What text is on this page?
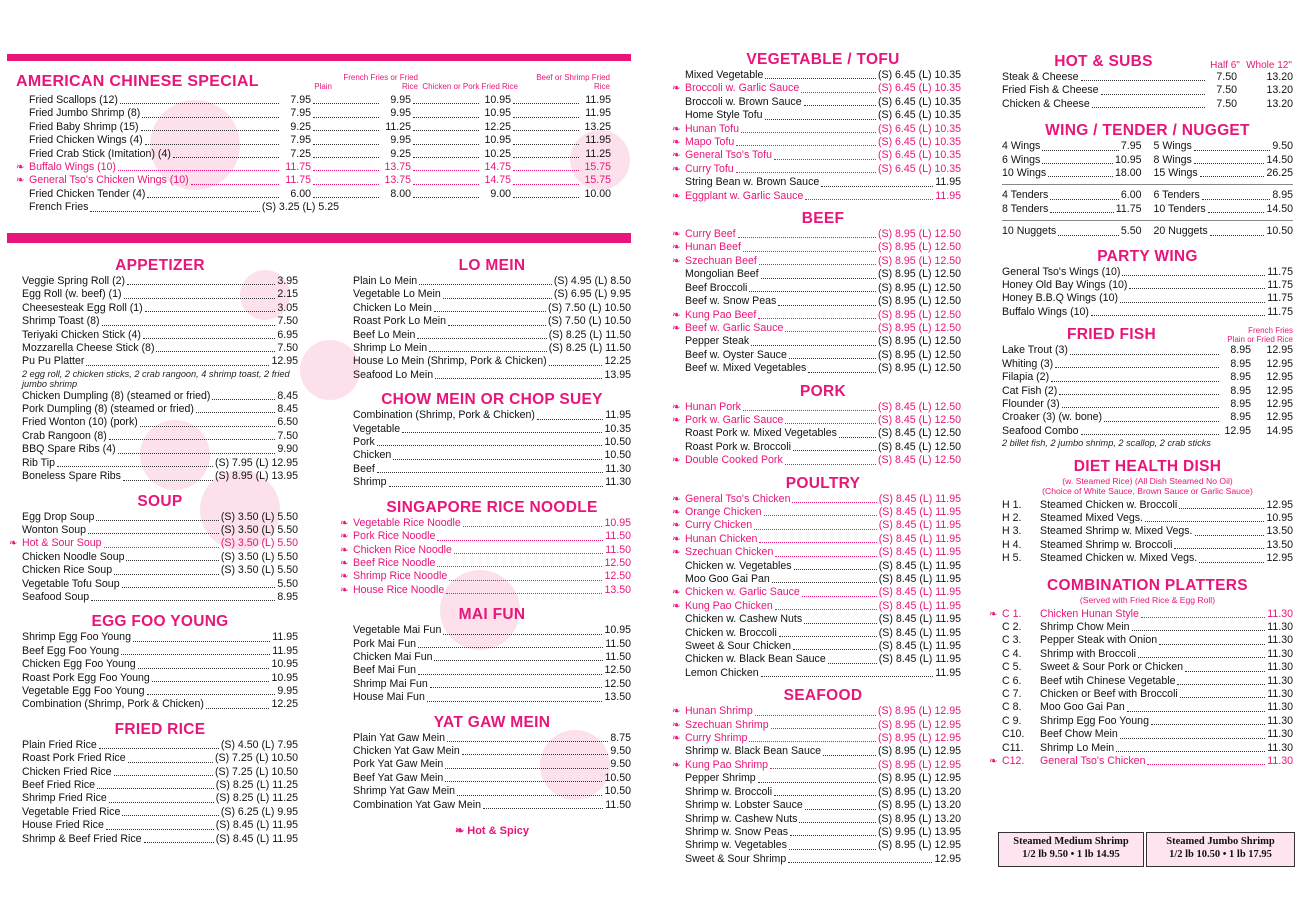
AMERICAN CHINESE SPECIAL	Plain
French Fries or Fried Rice Chicken or Pork Fried Rice
Beef or Shrimp Fried Rice
Fried Scallops (12)	7.95	9.95	10.95	11.95
Fried Jumbo Shrimp (8)	7.95	9.95	10.95	11.95
Fried Baby Shrimp (15)	9.25	11.25	12.25	13.25
Fried Chicken Wings (4)	7.95	9.95	10.95	11.95
Fried Crab Stick (Imitation) (4)	7.25	9.25	10.25	11.25
❧ Buffalo Wings (10)	11.75	13.75	14.75	15.75
❧ General Tso's Chicken Wings (10)	11.75	13.75	14.75	15.75
Fried Chicken Tender (4)	6.00	8.00	9.00	10.00
French Fries	(S) 3.25 (L) 5.25
APPETIZER
Veggie Spring Roll (2)	3.95
Egg Roll (w. beef) (1)	2.15
Cheesesteak Egg Roll (1)	3.05
Shrimp Toast (8)	7.50
Teriyaki Chicken Stick (4)	6.95
Mozzarella Cheese Stick (8)	7.50
Pu Pu Platter	12.95
2 egg roll, 2 chicken sticks, 2 crab rangoon, 4 shrimp toast, 2 fried jumbo shrimp
Chicken Dumpling (8) (steamed or fried)	8.45
Pork Dumpling (8) (steamed or fried)	8.45
Fried Wonton (10) (pork)	6.50
Crab Rangoon (8)	7.50
BBQ Spare Ribs (4)	9.90
Rib Tip	(S) 7.95 (L) 12.95
Boneless Spare Ribs	(S) 8.95 (L) 13.95
SOUP
Egg Drop Soup	(S) 3.50 (L) 5.50
Wonton Soup	(S) 3.50 (L) 5.50
❧ Hot & Sour Soup	(S) 3.50 (L) 5.50
Chicken Noodle Soup	(S) 3.50 (L) 5.50
Chicken Rice Soup	(S) 3.50 (L) 5.50
Vegetable Tofu Soup	5.50
Seafood Soup	8.95
EGG FOO YOUNG
Shrimp Egg Foo Young	11.95
Beef Egg Foo Young	11.95
Chicken Egg Foo Young	10.95
Roast Pork Egg Foo Young	10.95
Vegetable Egg Foo Young	9.95
Combination (Shrimp, Pork & Chicken)	12.25
FRIED RICE
Plain Fried Rice	(S) 4.50 (L) 7.95
Roast Pork Fried Rice	(S) 7.25 (L) 10.50
Chicken Fried Rice	(S) 7.25 (L) 10.50
Beef Fried Rice	(S) 8.25 (L) 11.25
Shrimp Fried Rice	(S) 8.25 (L) 11.25
Vegetable Fried Rice	(S) 6.25 (L) 9.95
House Fried Rice	(S) 8.45 (L) 11.95
Shrimp & Beef Fried Rice	(S) 8.45 (L) 11.95
LO MEIN
Plain Lo Mein	(S) 4.95 (L) 8.50
Vegetable Lo Mein	(S) 6.95 (L) 9.95
Chicken Lo Mein	(S) 7.50 (L) 10.50
Roast Pork Lo Mein	(S) 7.50 (L) 10.50
Beef Lo Mein	(S) 8.25 (L) 11.50
Shrimp Lo Mein	(S) 8.25 (L) 11.50
House Lo Mein (Shrimp, Pork & Chicken)	12.25
Seafood Lo Mein	13.95
CHOW MEIN OR CHOP SUEY
Combination (Shrimp, Pork & Chicken)	11.95
Vegetable	10.35
Pork	10.50
Chicken	10.50
Beef	11.30
Shrimp	11.30
SINGAPORE RICE NOODLE
❧ Vegetable Rice Noodle	10.95
❧ Pork Rice Noodle	11.50
❧ Chicken Rice Noodle	11.50
❧ Beef Rice Noodle	12.50
❧ Shrimp Rice Noodle	12.50
❧ House Rice Noodle	13.50
MAI FUN
Vegetable Mai Fun	10.95
Pork Mai Fun	11.50
Chicken Mai Fun	11.50
Beef Mai Fun	12.50
Shrimp Mai Fun	12.50
House Mai Fun	13.50
YAT GAW MEIN
Plain Yat Gaw Mein	8.75
Chicken Yat Gaw Mein	9.50
Pork Yat Gaw Mein	9.50
Beef Yat Gaw Mein	10.50
Shrimp Yat Gaw Mein	10.50
Combination Yat Gaw Mein	11.50
❧ Hot & Spicy
VEGETABLE / TOFU
Mixed Vegetable	(S) 6.45 (L) 10.35
❧ Broccoli w. Garlic Sauce	(S) 6.45 (L) 10.35
Broccoli w. Brown Sauce	(S) 6.45 (L) 10.35
Home Style Tofu	(S) 6.45 (L) 10.35
❧ Hunan Tofu	(S) 6.45 (L) 10.35
❧ Mapo Tofu	(S) 6.45 (L) 10.35
❧ General Tso's Tofu	(S) 6.45 (L) 10.35
❧ Curry Tofu	(S) 6.45 (L) 10.35
String Bean w. Brown Sauce	11.95
❧ Eggplant w. Garlic Sauce	11.95
BEEF
❧ Curry Beef	(S) 8.95 (L) 12.50
❧ Hunan Beef	(S) 8.95 (L) 12.50
❧ Szechuan Beef	(S) 8.95 (L) 12.50
Mongolian Beef	(S) 8.95 (L) 12.50
Beef Broccoli	(S) 8.95 (L) 12.50
Beef w. Snow Peas	(S) 8.95 (L) 12.50
❧ Kung Pao Beef	(S) 8.95 (L) 12.50
❧ Beef w. Garlic Sauce	(S) 8.95 (L) 12.50
Pepper Steak	(S) 8.95 (L) 12.50
Beef w. Oyster Sauce	(S) 8.95 (L) 12.50
Beef w. Mixed Vegetables	(S) 8.95 (L) 12.50
PORK
❧ Hunan Pork	(S) 8.45 (L) 12.50
❧ Pork w. Garlic Sauce	(S) 8.45 (L) 12.50
Roast Pork w. Mixed Vegetables	(S) 8.45 (L) 12.50
Roast Pork w. Broccoli	(S) 8.45 (L) 12.50
❧ Double Cooked Pork	(S) 8.45 (L) 12.50
POULTRY
❧ General Tso's Chicken	(S) 8.45 (L) 11.95
❧ Orange Chicken	(S) 8.45 (L) 11.95
❧ Curry Chicken	(S) 8.45 (L) 11.95
❧ Hunan Chicken	(S) 8.45 (L) 11.95
❧ Szechuan Chicken	(S) 8.45 (L) 11.95
Chicken w. Vegetables	(S) 8.45 (L) 11.95
Moo Goo Gai Pan	(S) 8.45 (L) 11.95
❧ Chicken w. Garlic Sauce	(S) 8.45 (L) 11.95
❧ Kung Pao Chicken	(S) 8.45 (L) 11.95
Chicken w. Cashew Nuts	(S) 8.45 (L) 11.95
Chicken w. Broccoli	(S) 8.45 (L) 11.95
Sweet & Sour Chicken	(S) 8.45 (L) 11.95
Chicken w. Black Bean Sauce	(S) 8.45 (L) 11.95
Lemon Chicken	11.95
SEAFOOD
❧ Hunan Shrimp	(S) 8.95 (L) 12.95
❧ Szechuan Shrimp	(S) 8.95 (L) 12.95
❧ Curry Shrimp	(S) 8.95 (L) 12.95
Shrimp w. Black Bean Sauce	(S) 8.95 (L) 12.95
❧ Kung Pao Shrimp	(S) 8.95 (L) 12.95
Pepper Shrimp	(S) 8.95 (L) 12.95
Shrimp w. Broccoli	(S) 8.95 (L) 13.20
Shrimp w. Lobster Sauce	(S) 8.95 (L) 13.20
Shrimp w. Cashew Nuts	(S) 8.95 (L) 13.20
Shrimp w. Snow Peas	(S) 9.95 (L) 13.95
Shrimp w. Vegetables	(S) 8.95 (L) 12.95
Sweet & Sour Shrimp	12.95
HOT & SUBS	Half 6" Whole 12"
Steak & Cheese	7.50	13.20
Fried Fish & Cheese	7.50	13.20
Chicken & Cheese	7.50	13.20
WING / TENDER / NUGGET
4 Wings	7.95 5 Wings	9.50
6 Wings	10.95 8 Wings	14.50
10 Wings	18.00 15 Wings	26.25
4 Tenders	6.00 6 Tenders	8.95
8 Tenders	11.75 10 Tenders	14.50
10 Nuggets	5.50 20 Nuggets	10.50
PARTY WING
General Tso's Wings (10)	11.75
Honey Old Bay Wings (10)	11.75
Honey B.B.Q Wings (10)	11.75
Buffalo Wings (10)	11.75
FRIED FISH	Plain
French Fries or Fried Rice
Lake Trout (3)	8.95	12.95
Whiting (3)	8.95	12.95
Filapia (2)	8.95	12.95
Cat Fish (2)	8.95	12.95
Flounder (3)	8.95	12.95
Croaker (3) (w. bone)	8.95	12.95
Seafood Combo	12.95	14.95
2 billet fish, 2 jumbo shrimp, 2 scallop, 2 crab sticks
DIET HEALTH DISH
(w. Steamed Rice) (All Dish Steamed No Oil)
(Choice of White Sauce, Brown Sauce or Garlic Sauce)
H 1.	Steamed Chicken w. Broccoli	12.95
H 2.	Steamed Mixed Vegs.	10.95
H 3.	Steamed Shrimp w. Mixed Vegs.	13.50
H 4.	Steamed Shrimp w. Broccoli	13.50
H 5.	Steamed Chicken w. Mixed Vegs.	12.95
COMBINATION PLATTERS
(Served with Fried Rice & Egg Roll)
❧ C 1.	Chicken Hunan Style	11.30
C 2.	Shrimp Chow Mein	11.30
C 3.	Pepper Steak with Onion	11.30
C 4.	Shrimp with Broccoli	11.30
C 5.	Sweet & Sour Pork or Chicken	11.30
C 6.	Beef wtih Chinese Vegetable	11.30
C 7.	Chicken or Beef with Broccoli	11.30
C 8.	Moo Goo Gai Pan	11.30
C 9.	Shrimp Egg Foo Young	11.30
C10.	Beef Chow Mein	11.30
C11.	Shrimp Lo Mein	11.30
❧ C12.	General Tso's Chicken	11.30
Steamed Medium Shrimp
1/2 lb 9.50 • 1 lb 14.95
Steamed Jumbo Shrimp
1/2 lb 10.50 • 1 lb 17.95
